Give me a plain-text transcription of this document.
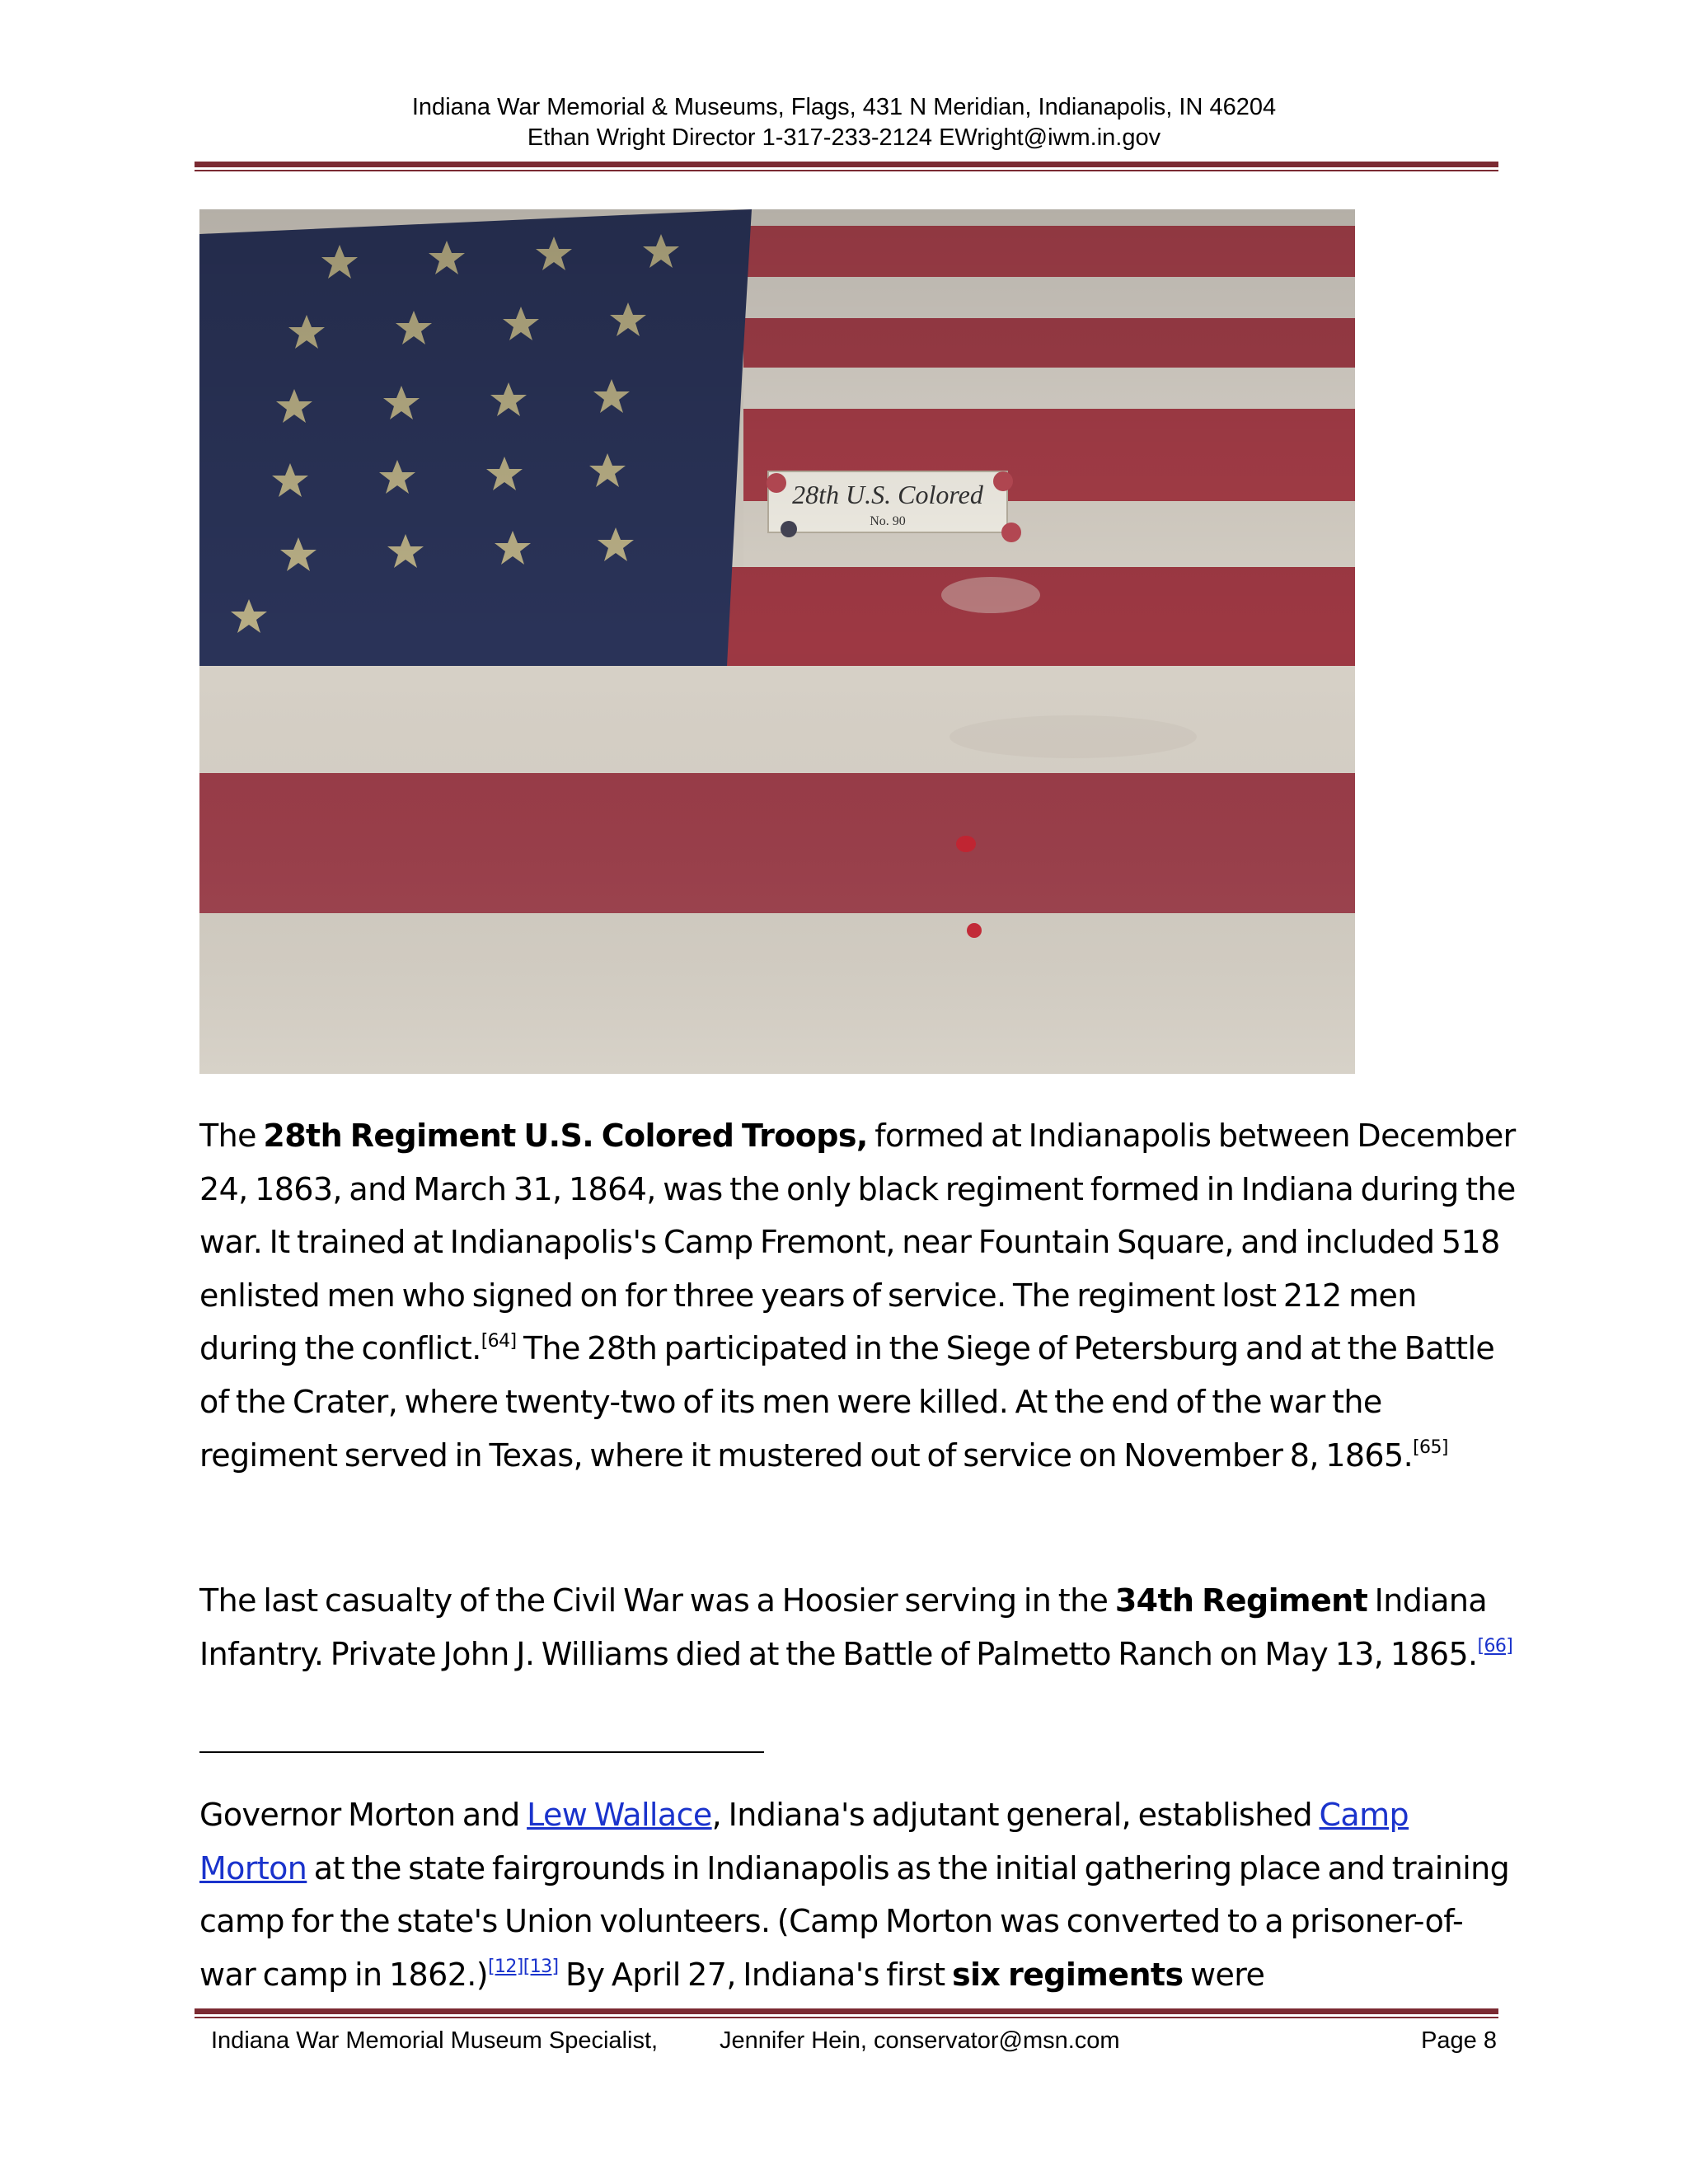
Indiana War Memorial & Museums, Flags, 431 N Meridian, Indianapolis, IN 46204
Ethan Wright Director 1-317-233-2124 EWright@iwm.in.gov
The 28th Regiment U.S. Colored Troops, formed at Indianapolis between December 24, 1863, and March 31, 1864, was the only black regiment formed in Indiana during the war. It trained at Indianapolis's Camp Fremont, near Fountain Square, and included 518 enlisted men who signed on for three years of service. The regiment lost 212 men during the conflict.[64] The 28th participated in the Siege of Petersburg and at the Battle of the Crater, where twenty-two of its men were killed. At the end of the war the regiment served in Texas, where it mustered out of service on November 8, 1865.[65]
The last casualty of the Civil War was a Hoosier serving in the 34th Regiment Indiana Infantry. Private John J. Williams died at the Battle of Palmetto Ranch on May 13, 1865.[66]
Governor Morton and Lew Wallace, Indiana's adjutant general, established Camp Morton at the state fairgrounds in Indianapolis as the initial gathering place and training camp for the state's Union volunteers. (Camp Morton was converted to a prisoner-of-war camp in 1862.)[12][13] By April 27, Indiana's first six regiments were
Indiana War Memorial Museum Specialist,	Jennifer Hein, conservator@msn.com	Page 8
